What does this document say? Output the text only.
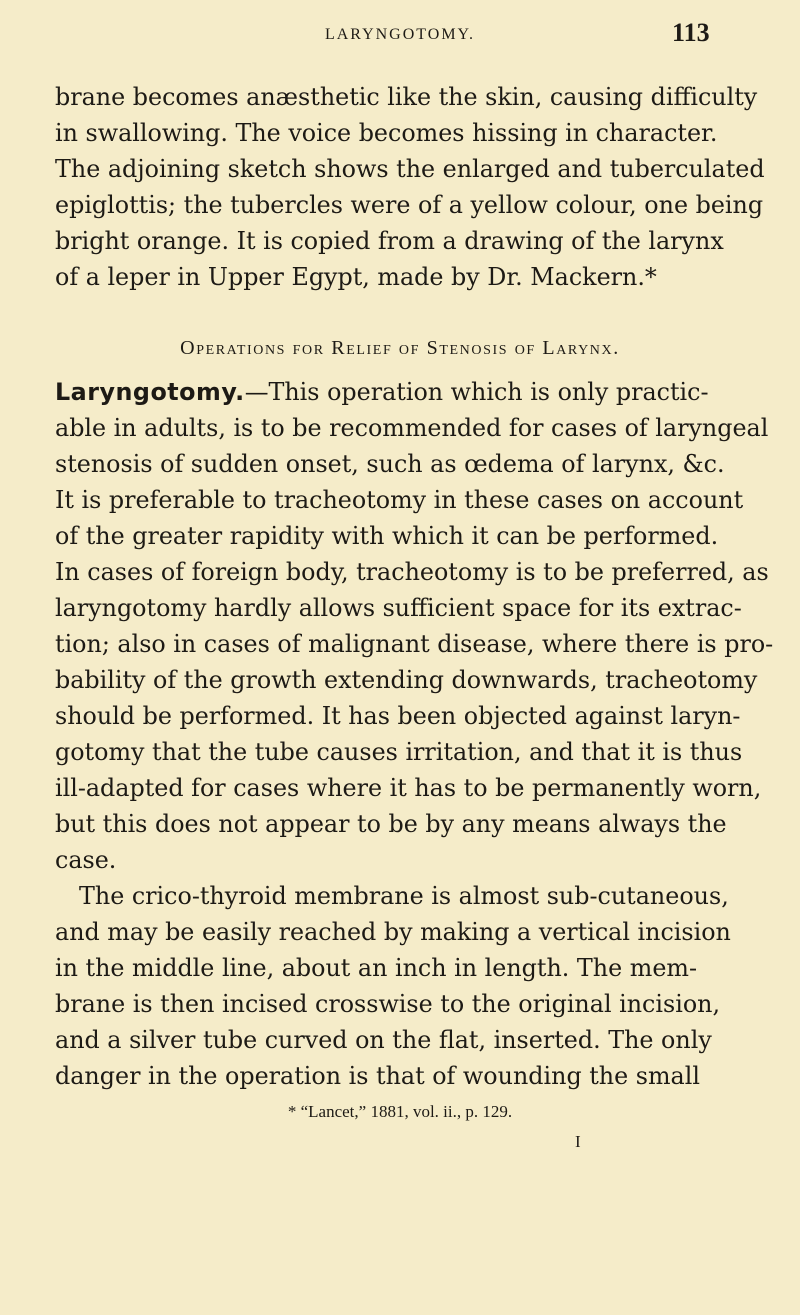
LARYNGOTOMY.	113
brane becomes anæsthetic like the skin, causing difficulty
in swallowing. The voice becomes hissing in character.
The adjoining sketch shows the enlarged and tuberculated
epiglottis; the tubercles were of a yellow colour, one being
bright orange. It is copied from a drawing of the larynx
of a leper in Upper Egypt, made by Dr. Mackern.*
Operations for Relief of Stenosis of Larynx.
Laryngotomy.—This operation which is only practic-
able in adults, is to be recommended for cases of laryngeal
stenosis of sudden onset, such as œdema of larynx, &c.
It is preferable to tracheotomy in these cases on account
of the greater rapidity with which it can be performed.
In cases of foreign body, tracheotomy is to be preferred, as
laryngotomy hardly allows sufficient space for its extrac-
tion; also in cases of malignant disease, where there is pro-
bability of the growth extending downwards, tracheotomy
should be performed. It has been objected against laryn-
gotomy that the tube causes irritation, and that it is thus
ill-adapted for cases where it has to be permanently worn,
but this does not appear to be by any means always the
case.
The crico-thyroid membrane is almost sub-cutaneous,
and may be easily reached by making a vertical incision
in the middle line, about an inch in length. The mem-
brane is then incised crosswise to the original incision,
and a silver tube curved on the flat, inserted. The only
danger in the operation is that of wounding the small
* “Lancet,” 1881, vol. ii., p. 129.
I
